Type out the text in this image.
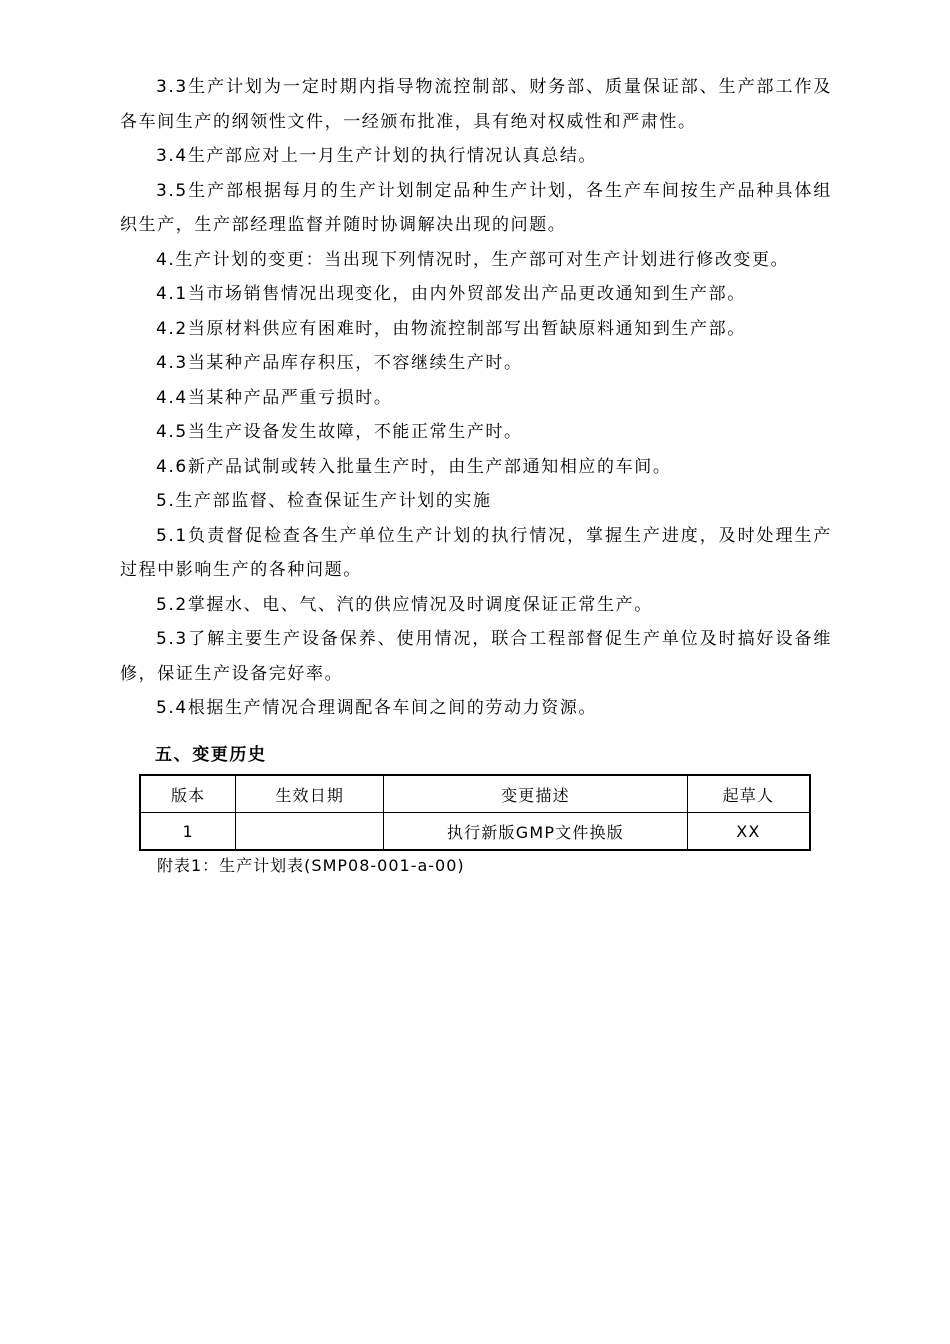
3.3生产计划为一定时期内指导物流控制部、财务部、质量保证部、生产部工作及各车间生产的纲领性文件，一经颁布批准，具有绝对权威性和严肃性。

3.4生产部应对上一月生产计划的执行情况认真总结。

3.5生产部根据每月的生产计划制定品种生产计划，各生产车间按生产品种具体组织生产，生产部经理监督并随时协调解决出现的问题。

4.生产计划的变更：当出现下列情况时，生产部可对生产计划进行修改变更。

4.1当市场销售情况出现变化，由内外贸部发出产品更改通知到生产部。

4.2当原材料供应有困难时，由物流控制部写出暂缺原料通知到生产部。

4.3当某种产品库存积压，不容继续生产时。

4.4当某种产品严重亏损时。

4.5当生产设备发生故障，不能正常生产时。

4.6新产品试制或转入批量生产时，由生产部通知相应的车间。

5.生产部监督、检查保证生产计划的实施

5.1负责督促检查各生产单位生产计划的执行情况，掌握生产进度，及时处理生产过程中影响生产的各种问题。

5.2掌握水、电、气、汽的供应情况及时调度保证正常生产。

5.3了解主要生产设备保养、使用情况，联合工程部督促生产单位及时搞好设备维修，保证生产设备完好率。

5.4根据生产情况合理调配各车间之间的劳动力资源。

五、变更历史
版本	生效日期	变更描述	起草人
1		执行新版GMP文件换版	XX
附表1：生产计划表(SMP08-001-a-00)
